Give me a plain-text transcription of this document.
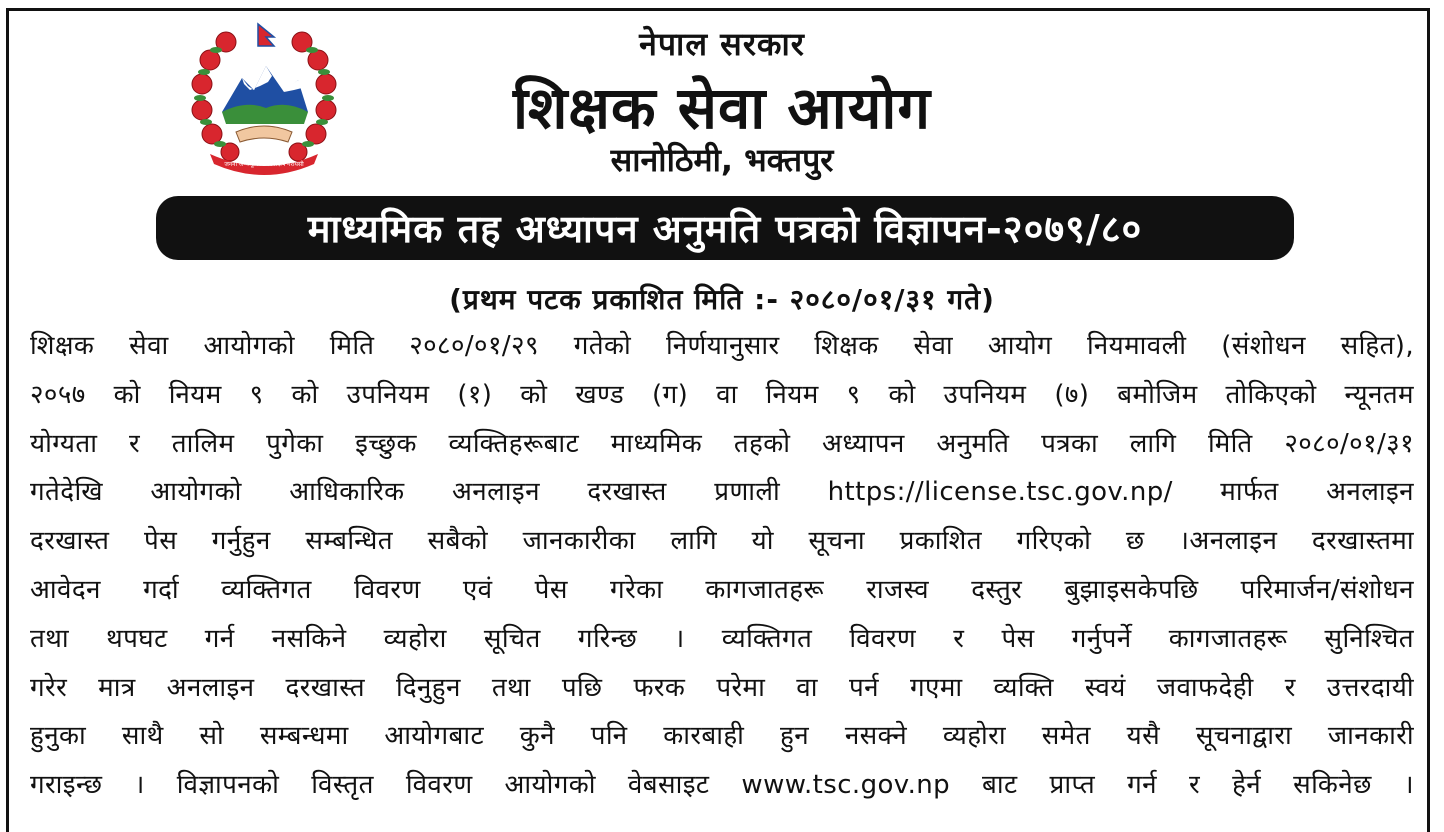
जननी जन्मभूमिश्च स्वर्गादपि गरीयसी
नेपाल सरकार
शिक्षक सेवा आयोग
सानोठिमी, भक्तपुर
माध्यमिक तह अध्यापन अनुमति पत्रको विज्ञापन-२०७९/८०
(प्रथम पटक प्रकाशित मिति :- २०८०/०१/३१ गते)
शिक्षक सेवा आयोगको मिति २०८०/०१/२९ गतेको निर्णयानुसार शिक्षक सेवा आयोग नियमावली (संशोधन सहित),
२०५७ को नियम ९ को उपनियम (१) को खण्ड (ग) वा नियम ९ को उपनियम (७) बमोजिम तोकिएको न्यूनतम
योग्यता र तालिम पुगेका इच्छुक व्यक्तिहरूबाट माध्यमिक तहको अध्यापन अनुमति पत्रका लागि मिति २०८०/०१/३१
गतेदेखि आयोगको आधिकारिक अनलाइन दरखास्त प्रणाली https://license.tsc.gov.np/ मार्फत अनलाइन
दरखास्त पेस गर्नुहुन सम्बन्धित सबैको जानकारीका लागि यो सूचना प्रकाशित गरिएको छ ।अनलाइन दरखास्तमा
आवेदन गर्दा व्यक्तिगत विवरण एवं पेस गरेका कागजातहरू राजस्व दस्तुर बुझाइसकेपछि परिमार्जन/संशोधन
तथा थपघट गर्न नसकिने व्यहोरा सूचित गरिन्छ । व्यक्तिगत विवरण र पेस गर्नुपर्ने कागजातहरू सुनिश्चित
गरेर मात्र अनलाइन दरखास्त दिनुहुन तथा पछि फरक परेमा वा पर्न गएमा व्यक्ति स्वयं जवाफदेही र उत्तरदायी
हुनुका साथै सो सम्बन्धमा आयोगबाट कुनै पनि कारबाही हुन नसक्ने व्यहोरा समेत यसै सूचनाद्वारा जानकारी
गराइन्छ । विज्ञापनको विस्तृत विवरण आयोगको वेबसाइट www.tsc.gov.np बाट प्राप्त गर्न र हेर्न सकिनेछ ।
